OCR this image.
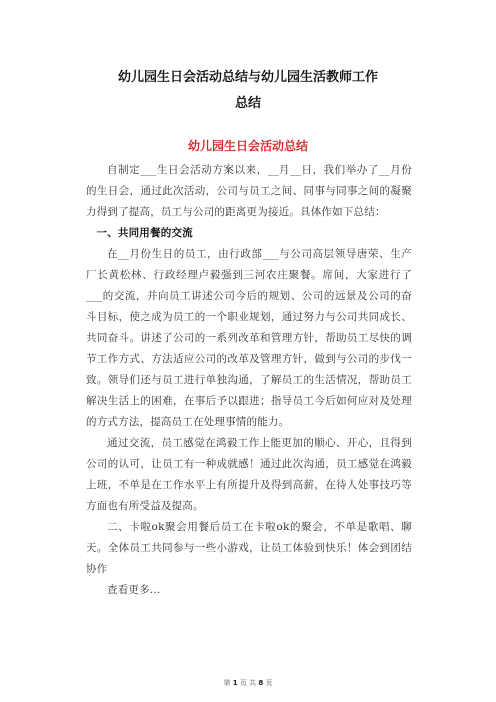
幼儿园生日会活动总结与幼儿园生活教师工作
总结
幼儿园生日会活动总结

自制定___生日会活动方案以来，__月__日，我们举办了__月份的生日会，通过此次活动，公司与员工之间、同事与同事之间的凝聚力得到了提高，员工与公司的距离更为接近。具体作如下总结：

一、共同用餐的交流

在__月份生日的员工，由行政部___与公司高层领导唐荣、生产厂长黄松林、行政经理卢毅强到三河农庄聚餐。席间，大家进行了___的交流，并向员工讲述公司今后的规划、公司的远景及公司的奋斗目标，使之成为员工的一个职业规划，通过努力与公司共同成长、共同奋斗。讲述了公司的一系列改革和管理方针，帮助员工尽快的调节工作方式、方法适应公司的改革及管理方针，做到与公司的步伐一致。领导们还与员工进行单独沟通，了解员工的生活情况，帮助员工解决生活上的困难，在事后予以跟进；指导员工今后如何应对及处理的方式方法，提高员工在处理事情的能力。

通过交流，员工感觉在鸿毅工作上能更加的顺心、开心，且得到公司的认可，让员工有一种成就感！通过此次沟通，员工感觉在鸿毅上班，不单是在工作水平上有所提升及得到高薪，在待人处事技巧等方面也有所受益及提高。

二、卡啦ok聚会用餐后员工在卡啦ok的聚会，不单是歌唱、聊天。全体员工共同参与一些小游戏，让员工体验到快乐！体会到团结协作

查看更多...

第 1 页 共 8 页
